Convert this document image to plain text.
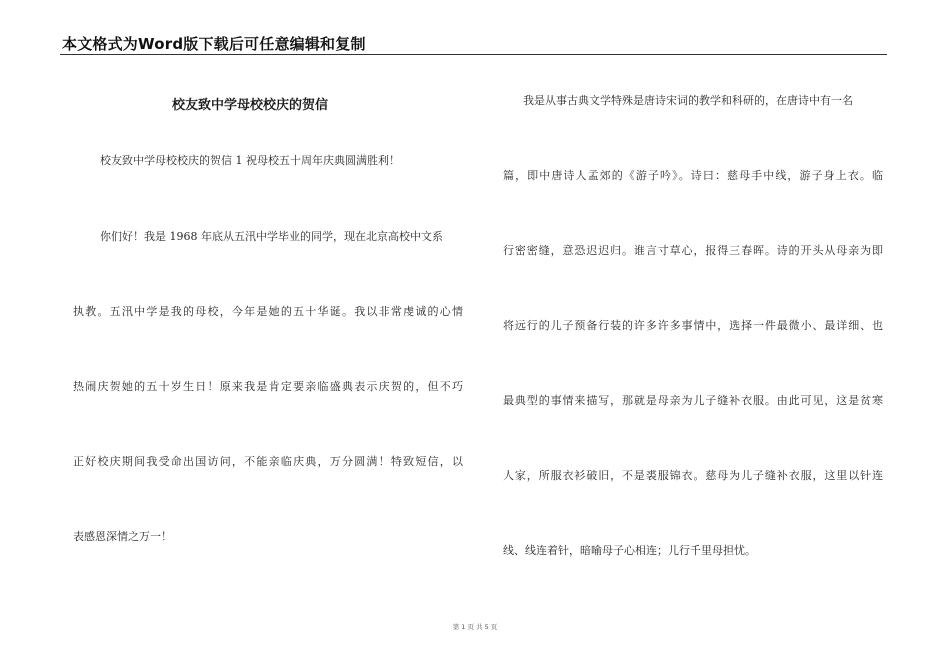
本文格式为Word版下载后可任意编辑和复制
校友致中学母校校庆的贺信
校友致中学母校校庆的贺信 1 祝母校五十周年庆典圆满胜利！
你们好！我是 1968 年底从五汛中学毕业的同学，现在北京高校中文系
执教。五汛中学是我的母校，今年是她的五十华诞。我以非常虔诚的心情
热闹庆贺她的五十岁生日！原来我是肯定要亲临盛典表示庆贺的，但不巧
正好校庆期间我受命出国访问，不能亲临庆典，万分圆满！特致短信，以
表感恩深情之万一！
我是从事古典文学特殊是唐诗宋词的教学和科研的，在唐诗中有一名
篇，即中唐诗人孟郊的《游子吟》。诗曰：慈母手中线，游子身上衣。临
行密密缝，意恐迟迟归。谁言寸草心，报得三春晖。诗的开头从母亲为即
将远行的儿子预备行装的许多许多事情中，选择一件最微小、最详细、也
最典型的事情来描写，那就是母亲为儿子缝补衣服。由此可见，这是贫寒
人家，所服衣衫破旧，不是裘服锦衣。慈母为儿子缝补衣服，这里以针连
线、线连着针，暗喻母子心相连；儿行千里母担忧。
第 1 页 共 5 页
